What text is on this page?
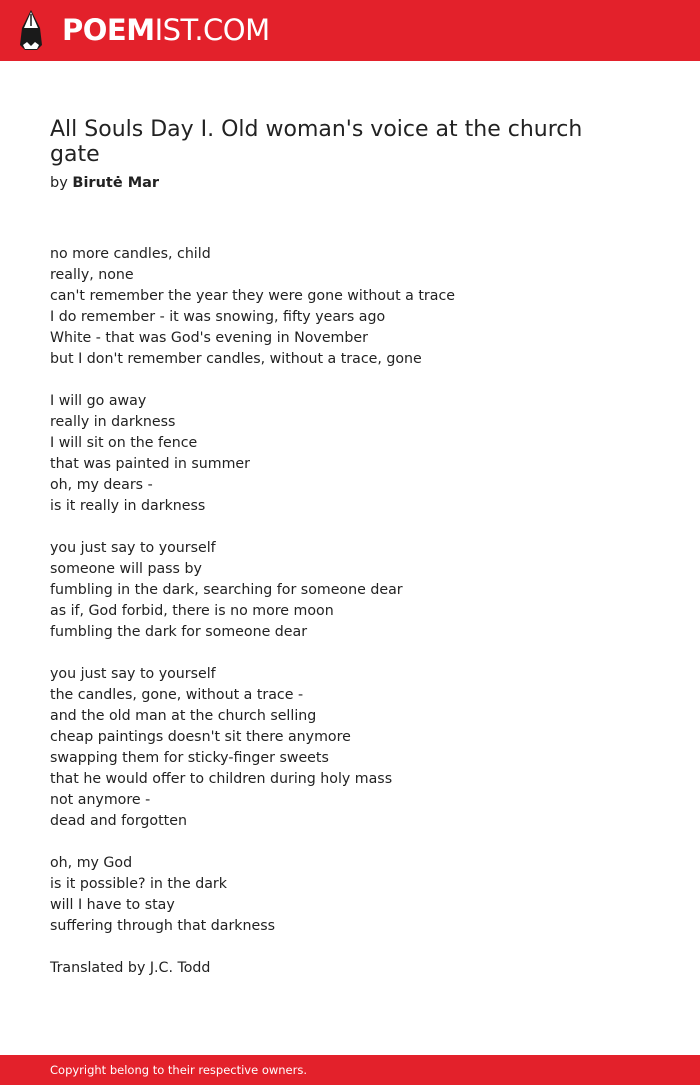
POEMIST.COM
All Souls Day I. Old woman's voice at the church gate
by Birutė Mar
no more candles, child
really, none
can't remember the year they were gone without a trace
I do remember - it was snowing, fifty years ago
White - that was God's evening in November
but I don't remember candles, without a trace, gone
I will go away
really in darkness
I will sit on the fence
that was painted in summer
oh, my dears -
is it really in darkness
you just say to yourself
someone will pass by
fumbling in the dark, searching for someone dear
as if, God forbid, there is no more moon
fumbling the dark for someone dear
you just say to yourself
the candles, gone, without a trace -
and the old man at the church selling
cheap paintings doesn't sit there anymore
swapping them for sticky-finger sweets
that he would offer to children during holy mass
not anymore -
dead and forgotten
oh, my God
is it possible? in the dark
will I have to stay
suffering through that darkness
Translated by J.C. Todd
Copyright belong to their respective owners.
